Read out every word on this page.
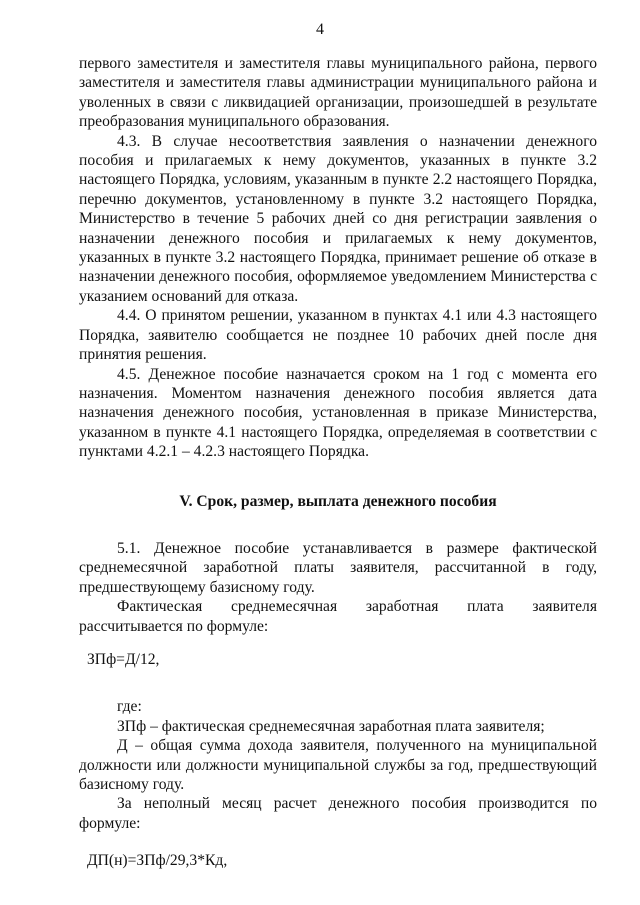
4

первого заместителя и заместителя главы муниципального района, первого заместителя и заместителя главы администрации муниципального района и уволенных в связи с ликвидацией организации, произошедшей в результате преобразования муниципального образования.

4.3. В случае несоответствия заявления о назначении денежного пособия и прилагаемых к нему документов, указанных в пункте 3.2 настоящего Порядка, условиям, указанным в пункте 2.2 настоящего Порядка, перечню документов, установленному в пункте 3.2 настоящего Порядка, Министерство в течение 5 рабочих дней со дня регистрации заявления о назначении денежного пособия и прилагаемых к нему документов, указанных в пункте 3.2 настоящего Порядка, принимает решение об отказе в назначении денежного пособия, оформляемое уведомлением Министерства с указанием оснований для отказа.

4.4. О принятом решении, указанном в пунктах 4.1 или 4.3 настоящего Порядка, заявителю сообщается не позднее 10 рабочих дней после дня принятия решения.

4.5. Денежное пособие назначается сроком на 1 год с момента его назначения. Моментом назначения денежного пособия является дата назначения денежного пособия, установленная в приказе Министерства, указанном в пункте 4.1 настоящего Порядка, определяемая в соответствии с пунктами 4.2.1 – 4.2.3 настоящего Порядка.

V. Срок, размер, выплата денежного пособия

5.1. Денежное пособие устанавливается в размере фактической среднемесячной заработной платы заявителя, рассчитанной в году, предшествующему базисному году.

Фактическая среднемесячная заработная плата заявителя рассчитывается по формуле:

ЗПф=Д/12,

где:

ЗПф – фактическая среднемесячная заработная плата заявителя;

Д – общая сумма дохода заявителя, полученного на муниципальной должности или должности муниципальной службы за год, предшествующий базисному году.

За неполный месяц расчет денежного пособия производится по формуле:

ДП(н)=ЗПф/29,3*Кд,
